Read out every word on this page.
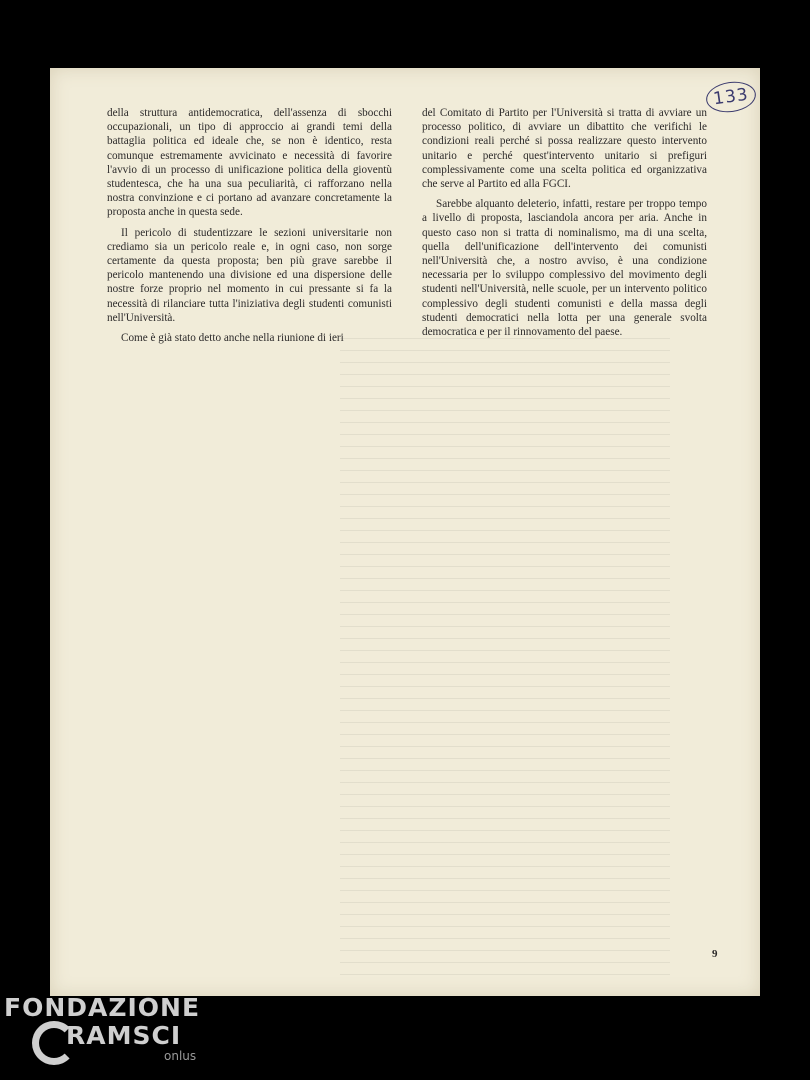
133

della struttura antidemocratica, dell'assenza di sbocchi occupazionali, un tipo di approccio ai grandi temi della battaglia politica ed ideale che, se non è identico, resta comunque estremamente avvicinato e necessità di favorire l'avvio di un processo di unificazione politica della gioventù studentesca, che ha una sua peculiarità, ci rafforzano nella nostra convinzione e ci portano ad avanzare concretamente la proposta anche in questa sede.

Il pericolo di studentizzare le sezioni universitarie non crediamo sia un pericolo reale e, in ogni caso, non sorge certamente da questa proposta; ben più grave sarebbe il pericolo mantenendo una divisione ed una dispersione delle nostre forze proprio nel momento in cui pressante si fa la necessità di rilanciare tutta l'iniziativa degli studenti comunisti nell'Università.

Come è già stato detto anche nella riunione di ieri

del Comitato di Partito per l'Università si tratta di avviare un processo politico, di avviare un dibattito che verifichi le condizioni reali perché si possa realizzare questo intervento unitario e perché quest'intervento unitario si prefiguri complessivamente come una scelta politica ed organizzativa che serve al Partito ed alla FGCI.

Sarebbe alquanto deleterio, infatti, restare per troppo tempo a livello di proposta, lasciandola ancora per aria. Anche in questo caso non si tratta di nominalismo, ma di una scelta, quella dell'unificazione dell'intervento dei comunisti nell'Università che, a nostro avviso, è una condizione necessaria per lo sviluppo complessivo del movimento degli studenti nell'Università, nelle scuole, per un intervento politico complessivo degli studenti comunisti e della massa degli studenti democratici nella lotta per una generale svolta democratica e per il rinnovamento del paese.

9
FONDAZIONE
RAMSCI
onlus
